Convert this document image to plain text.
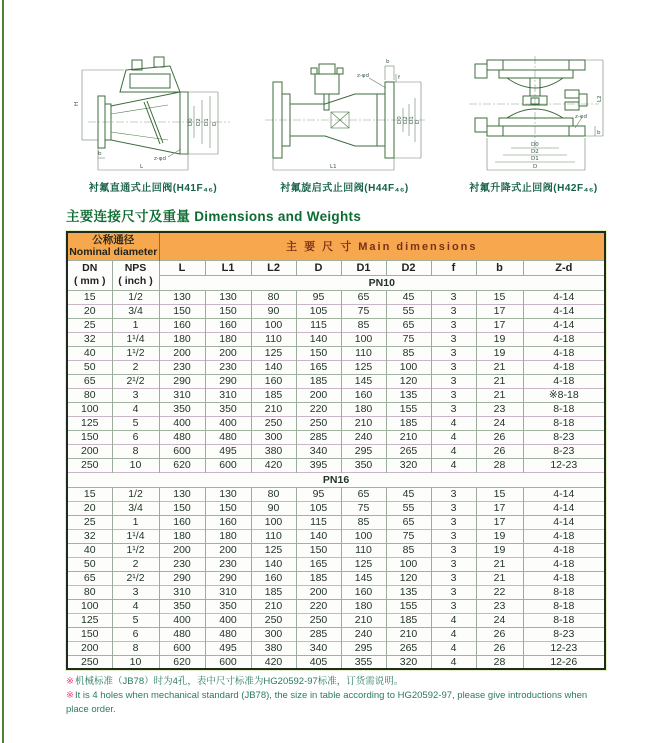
H
D0 D2 D1 D
b
z-φd
L
衬氟直通式止回阀(H41F₄₆)
b
f
z-φd
D0 D2 D1 D
L1
衬氟旋启式止回阀(H44F₄₆)
L2
b
z-φd
D0
D2
D1
D
衬氟升降式止回阀(H42F₄₆)
主要连接尺寸及重量 Dimensions and Weights
公称通径
Nominal diameter		主 要 尺 寸 Main dimensions								
DN
( mm )	NPS
( inch )	L	L1	L2	D	D1	D2	f	b	Z-d
		PN10								
15	1/2	130	130	80	95	65	45	3	15	4-14
20	3/4	150	150	90	105	75	55	3	17	4-14
25	1	160	160	100	115	85	65	3	17	4-14
32	1¹/4	180	180	110	140	100	75	3	19	4-18
40	1¹/2	200	200	125	150	110	85	3	19	4-18
50	2	230	230	140	165	125	100	3	21	4-18
65	2¹/2	290	290	160	185	145	120	3	21	4-18
80	3	310	310	185	200	160	135	3	21	※8-18
100	4	350	350	210	220	180	155	3	23	8-18
125	5	400	400	250	250	210	185	4	24	8-18
150	6	480	480	300	285	240	210	4	26	8-23
200	8	600	495	380	340	295	265	4	26	8-23
250	10	620	600	420	395	350	320	4	28	12-23
PN16										
15	1/2	130	130	80	95	65	45	3	15	4-14
20	3/4	150	150	90	105	75	55	3	17	4-14
25	1	160	160	100	115	85	65	3	17	4-14
32	1¹/4	180	180	110	140	100	75	3	19	4-18
40	1¹/2	200	200	125	150	110	85	3	19	4-18
50	2	230	230	140	165	125	100	3	21	4-18
65	2¹/2	290	290	160	185	145	120	3	21	4-18
80	3	310	310	185	200	160	135	3	22	8-18
100	4	350	350	210	220	180	155	3	23	8-18
125	5	400	400	250	250	210	185	4	24	8-18
150	6	480	480	300	285	240	210	4	26	8-23
200	8	600	495	380	340	295	265	4	26	12-23
250	10	620	600	420	405	355	320	4	28	12-26
※机械标准（JB78）时为4孔，表中尺寸标准为HG20592-97标准，订货需说明。
※It is 4 holes when mechanical standard (JB78), the size in table according to HG20592-97, please give introductions when place order.
